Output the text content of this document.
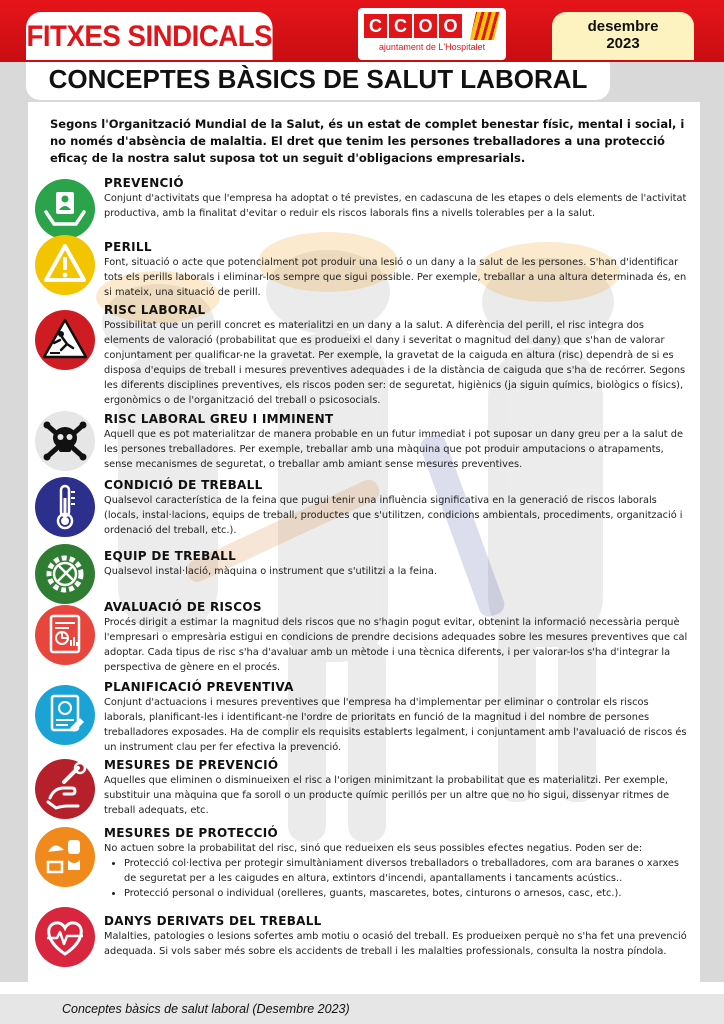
FITXES SINDICALS	C C O O
ajuntament de L'Hospitalet
desembre
2023
CONCEPTES BÀSICS DE SALUT LABORAL
Segons l'Organització Mundial de la Salut, és un estat de complet benestar físic, mental i social, i no només d'absència de malaltia. El dret que tenim les persones treballadores a una protecció eficaç de la nostra salut suposa tot un seguit d'obligacions empresarials.
PREVENCIÓ
Conjunt d'activitats que l'empresa ha adoptat o té previstes, en cadascuna de les etapes o dels elements de l'activitat productiva, amb la finalitat d'evitar o reduir els riscos laborals fins a nivells tolerables per a la salut.
PERILL
Font, situació o acte que potencialment pot produir una lesió o un dany a la salut de les persones. S'han d'identificar tots els perills laborals i eliminar-los sempre que sigui possible. Per exemple, treballar a una altura determinada és, en si mateix, una situació de perill.
RISC LABORAL
Possibilitat que un perill concret es materialitzi en un dany a la salut. A diferència del perill, el risc integra dos elements de valoració (probabilitat que es produeixi el dany i severitat o magnitud del dany) que s'han de valorar conjuntament per qualificar-ne la gravetat. Per exemple, la gravetat de la caiguda en altura (risc) dependrà de si es disposa d'equips de treball i mesures preventives adequades i de la distància de caiguda que s'ha de recórrer. Segons les diferents disciplines preventives, els riscos poden ser: de seguretat, higiènics (ja siguin químics, biològics o físics), ergonòmics o de l'organització del treball o psicosocials.
RISC LABORAL GREU I IMMINENT
Aquell que es pot materialitzar de manera probable en un futur immediat i pot suposar un dany greu per a la salut de les persones treballadores. Per exemple, treballar amb una màquina que pot produir amputacions o atrapaments, sense mecanismes de seguretat, o treballar amb amiant sense mesures preventives.
CONDICIÓ DE TREBALL
Qualsevol característica de la feina que pugui tenir una influència significativa en la generació de riscos laborals (locals, instal·lacions, equips de treball, productes que s'utilitzen, condicions ambientals, procediments, organització i ordenació del treball, etc.).
EQUIP DE TREBALL
Qualsevol instal·lació, màquina o instrument que s'utilitzi a la feina.
AVALUACIÓ DE RISCOS
Procés dirigit a estimar la magnitud dels riscos que no s'hagin pogut evitar, obtenint la informació necessària perquè l'empresari o empresària estigui en condicions de prendre decisions adequades sobre les mesures preventives que cal adoptar. Cada tipus de risc s'ha d'avaluar amb un mètode i una tècnica diferents, i per valorar-los s'ha d'integrar la perspectiva de gènere en el procés.
PLANIFICACIÓ PREVENTIVA
Conjunt d'actuacions i mesures preventives que l'empresa ha d'implementar per eliminar o controlar els riscos laborals, planificant-les i identificant-ne l'ordre de prioritats en funció de la magnitud i del nombre de persones treballadores exposades. Ha de complir els requisits establerts legalment, i conjuntament amb l'avaluació de riscos és un instrument clau per fer efectiva la prevenció.
MESURES DE PREVENCIÓ
Aquelles que eliminen o disminueixen el risc a l'origen minimitzant la probabilitat que es materialitzi. Per exemple, substituir una màquina que fa soroll o un producte químic perillós per un altre que no ho sigui, dissenyar ritmes de treball adequats, etc.
MESURES DE PROTECCIÓ
No actuen sobre la probabilitat del risc, sinó que redueixen els seus possibles efectes negatius. Poden ser de:
• Protecció col·lectiva per protegir simultàniament diversos treballadors o treballadores, com ara baranes o xarxes de seguretat per a les caigudes en altura, extintors d'incendi, apantallaments i tancaments acústics..
• Protecció personal o individual (orelleres, guants, mascaretes, botes, cinturons o arnesos, casc, etc.).
DANYS DERIVATS DEL TREBALL
Malalties, patologies o lesions sofertes amb motiu o ocasió del treball. Es produeixen perquè no s'ha fet una prevenció adequada. Si vols saber més sobre els accidents de treball i les malalties professionals, consulta la nostra píndola.
Conceptes bàsics de salut laboral (Desembre 2023)
